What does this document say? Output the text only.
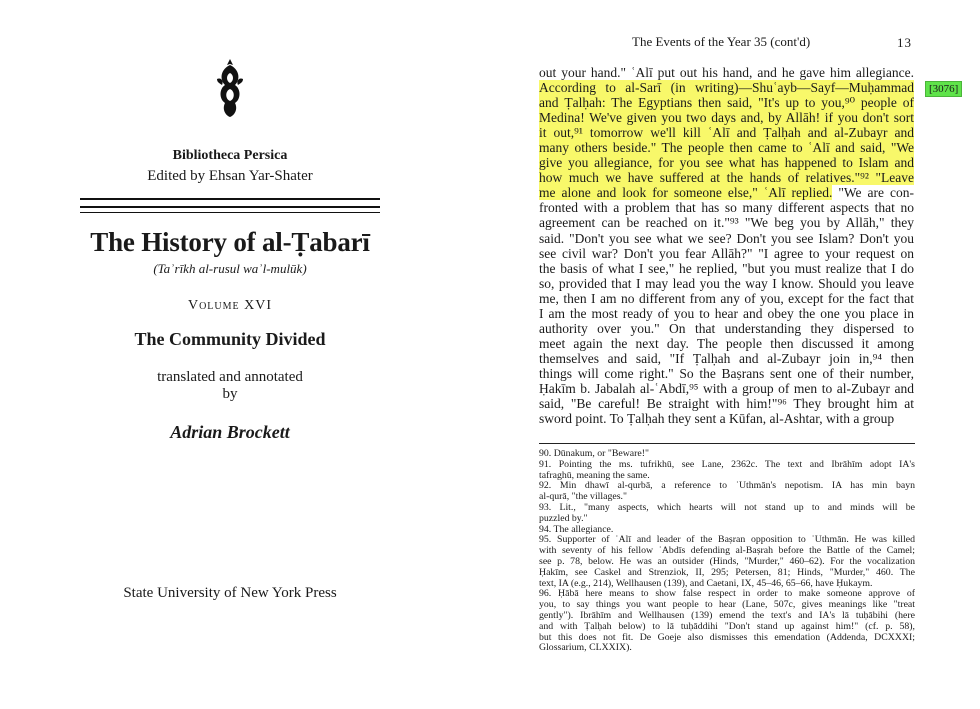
Bibliotheca Persica
Edited by Ehsan Yar-Shater
The History of al-Ṭabarī
(Taʾrīkh al-rusul waʾl-mulūk)
Volume XVI
The Community Divided
translated and annotated
by
Adrian Brockett
State University of New York Press
The Events of the Year 35 (cont'd)	13
[3076]
out your hand." ʿAlī put out his hand, and he gave him allegiance.
According to al-Sarī (in writing)—Shuʿayb—Sayf—Muḥammad
and Ṭalḥah: The Egyptians then said, "It's up to you,⁹⁰ people of
Medina! We've given you two days and, by Allāh! if you don't sort
it out,⁹¹ tomorrow we'll kill ʿAlī and Ṭalḥah and al-Zubayr and
many others beside." The people then came to ʿAlī and said, "We
give you allegiance, for you see what has happened to Islam and
how much we have suffered at the hands of relatives."⁹² "Leave
me alone and look for someone else," ʿAlī replied. "We are con-
fronted with a problem that has so many different aspects that no
agreement can be reached on it."⁹³ "We beg you by Allāh," they
said. "Don't you see what we see? Don't you see Islam? Don't you
see civil war? Don't you fear Allāh?" "I agree to your request on
the basis of what I see," he replied, "but you must realize that I do
so, provided that I may lead you the way I know. Should you leave
me, then I am no different from any of you, except for the fact that
I am the most ready of you to hear and obey the one you place in
authority over you." On that understanding they dispersed to
meet again the next day. The people then discussed it among
themselves and said, "If Ṭalḥah and al-Zubayr join in,⁹⁴ then
things will come right." So the Baṣrans sent one of their number,
Ḥakīm b. Jabalah al-ʿAbdī,⁹⁵ with a group of men to al-Zubayr and
said, "Be careful! Be straight with him!"⁹⁶ They brought him at
sword point. To Ṭalḥah they sent a Kūfan, al-Ashtar, with a group
90. Dūnakum, or "Beware!"
91. Pointing the ms. tufrikhū, see Lane, 2362c. The text and Ibrāhīm adopt IA's
tafraghū, meaning the same.
92. Min dhawī al-qurbā, a reference to ʿUthmān's nepotism. IA has min bayn
al-qurā, "the villages."
93. Lit., "many aspects, which hearts will not stand up to and minds will be
puzzled by."
94. The allegiance.
95. Supporter of ʿAlī and leader of the Baṣran opposition to ʿUthmān. He was killed
with seventy of his fellow ʿAbdīs defending al-Baṣrah before the Battle of the Camel;
see p. 78, below. He was an outsider (Hinds, "Murder," 460–62). For the vocalization
Ḥakīm, see Caskel and Strenziok, II, 295; Petersen, 81; Hinds, "Murder," 460. The
text, IA (e.g., 214), Wellhausen (139), and Caetani, IX, 45–46, 65–66, have Ḥukaym.
96. Ḥābā here means to show false respect in order to make someone approve of
you, to say things you want people to hear (Lane, 507c, gives meanings like "treat
gently"). Ibrāhīm and Wellhausen (139) emend the text's and IA's lā tuḥābihi (here
and with Ṭalḥah below) to lā tuḥāddihi "Don't stand up against him!" (cf. p. 58),
but this does not fit. De Goeje also dismisses this emendation (Addenda, DCXXXI;
Glossarium, CLXXIX).
